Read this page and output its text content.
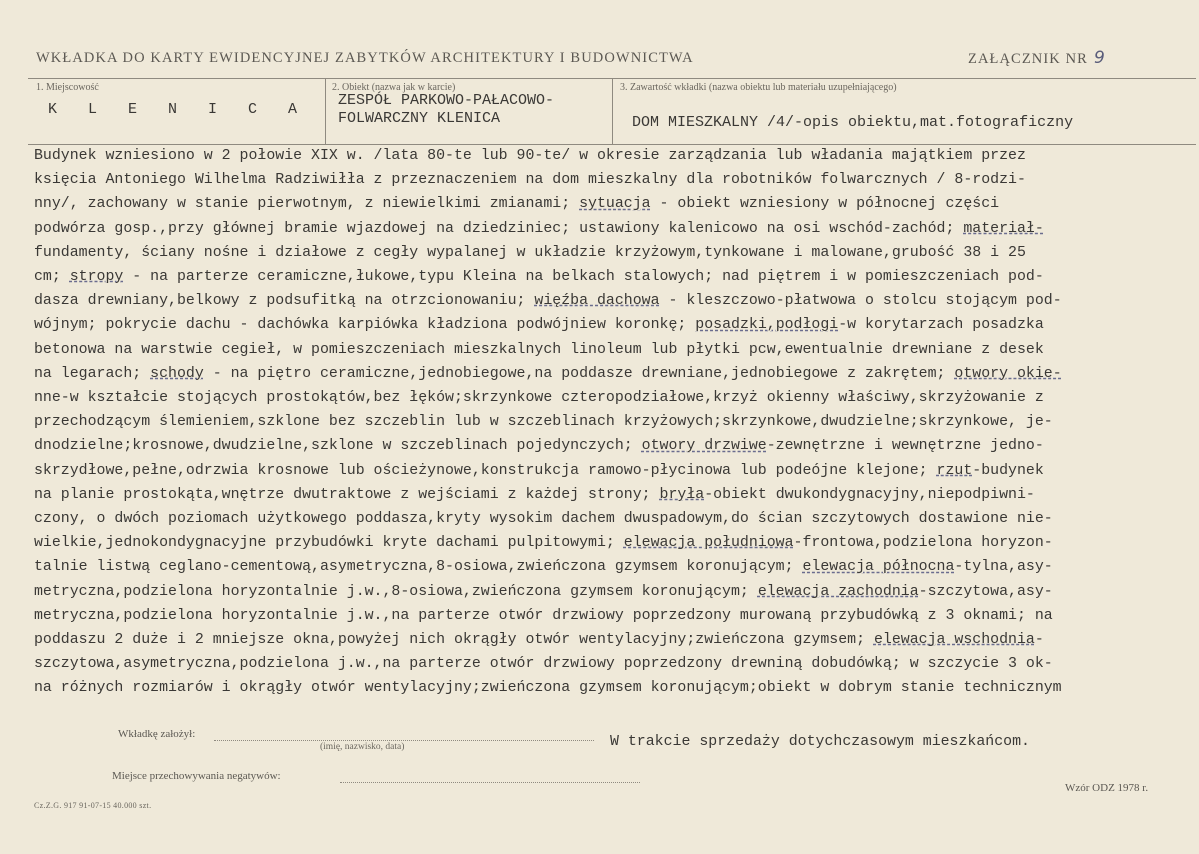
WKŁADKA DO KARTY EWIDENCYJNEJ ZABYTKÓW ARCHITEKTURY I BUDOWNICTWA	ZAŁĄCZNIK NR 9
1. Miejscowość
K L E N I C A
2. Obiekt (nazwa jak w karcie)
ZESPÓŁ PARKOWO-PAŁACOWO-
FOLWARCZNY KLENICA
3. Zawartość wkładki (nazwa obiektu lub materiału uzupełniającego)
DOM MIESZKALNY /4/-opis obiektu,mat.fotograficzny
Budynek wzniesiono w 2 połowie XIX w. /lata 80-te lub 90-te/ w okresie zarządzania lub władania majątkiem przez
księcia Antoniego Wilhelma Radziwiłła z przeznaczeniem na dom mieszkalny dla robotników folwarcznych / 8-rodzi-
nny/, zachowany w stanie pierwotnym, z niewielkimi zmianami; sytuacja - obiekt wzniesiony w północnej części
podwórza gosp.,przy głównej bramie wjazdowej na dziedziniec; ustawiony kalenicowo na osi wschód-zachód; materiał-
fundamenty, ściany nośne i działowe z cegły wypalanej w układzie krzyżowym,tynkowane i malowane,grubość 38 i 25
cm; stropy - na parterze ceramiczne,łukowe,typu Kleina na belkach stalowych; nad piętrem i w pomieszczeniach pod-
dasza drewniany,belkowy z podsufitką na otrzcionowaniu; więźba dachowa - kleszczowo-płatwowa o stolcu stojącym pod-
wójnym; pokrycie dachu - dachówka karpiówka kładziona podwójniew koronkę; posadzki,podłogi-w korytarzach posadzka
betonowa na warstwie cegieł, w pomieszczeniach mieszkalnych linoleum lub płytki pcw,ewentualnie drewniane z desek
na legarach; schody - na piętro ceramiczne,jednobiegowe,na poddasze drewniane,jednobiegowe z zakrętem; otwory okie-
nne-w kształcie stojących prostokątów,bez łęków;skrzynkowe czteropodziałowe,krzyż okienny właściwy,skrzyżowanie z
przechodzącym ślemieniem,szklone bez szczeblin lub w szczeblinach krzyżowych;skrzynkowe,dwudzielne;skrzynkowe, je-
dnodzielne;krosnowe,dwudzielne,szklone w szczeblinach pojedynczych; otwory drzwiwe-zewnętrzne i wewnętrzne jedno-
skrzydłowe,pełne,odrzwia krosnowe lub ościeżynowe,konstrukcja ramowo-płycinowa lub podeójne klejone; rzut-budynek
na planie prostokąta,wnętrze dwutraktowe z wejściami z każdej strony; bryła-obiekt dwukondygnacyjny,niepodpiwni-
czony, o dwóch poziomach użytkowego poddasza,kryty wysokim dachem dwuspadowym,do ścian szczytowych dostawione nie-
wielkie,jednokondygnacyjne przybudówki kryte dachami pulpitowymi; elewacja południowa-frontowa,podzielona horyzon-
talnie listwą ceglano-cementową,asymetryczna,8-osiowa,zwieńczona gzymsem koronującym; elewacja północna-tylna,asy-
metryczna,podzielona horyzontalnie j.w.,8-osiowa,zwieńczona gzymsem koronującym; elewacja zachodnia-szczytowa,asy-
metryczna,podzielona horyzontalnie j.w.,na parterze otwór drzwiowy poprzedzony murowaną przybudówką z 3 oknami; na
poddaszu 2 duże i 2 mniejsze okna,powyżej nich okrągły otwór wentylacyjny;zwieńczona gzymsem; elewacja wschodnia-
szczytowa,asymetryczna,podzielona j.w.,na parterze otwór drzwiowy poprzedzony drewniną dobudówką; w szczycie 3 ok-
na różnych rozmiarów i okrągły otwór wentylacyjny;zwieńczona gzymsem koronującym;obiekt w dobrym stanie technicznym
Wkładkę założył:
(imię, nazwisko, data)	W trakcie sprzedaży dotychczasowym mieszkańcom.
Miejsce przechowywania negatywów:
Wzór ODZ 1978 r.
Cz.Z.G. 917 91-07-15 40.000 szt.
